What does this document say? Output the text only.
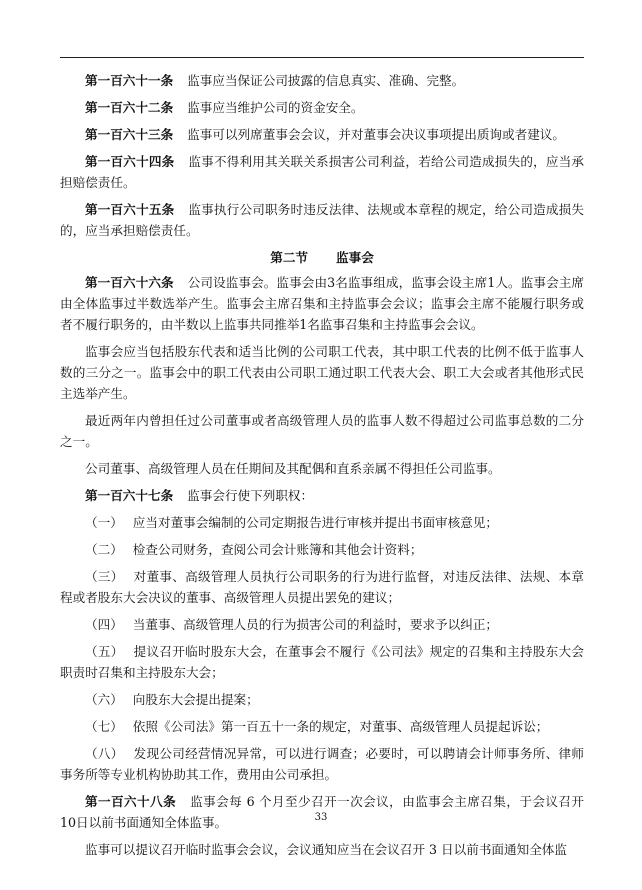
第一百六十一条 监事应当保证公司披露的信息真实、准确、完整。

第一百六十二条 监事应当维护公司的资金安全。

第一百六十三条 监事可以列席董事会会议，并对董事会决议事项提出质询或者建议。

第一百六十四条 监事不得利用其关联关系损害公司利益，若给公司造成损失的，应当承担赔偿责任。

第一百六十五条 监事执行公司职务时违反法律、法规或本章程的规定，给公司造成损失的，应当承担赔偿责任。

第二节 监事会

第一百六十六条 公司设监事会。监事会由3名监事组成，监事会设主席1人。监事会主席由全体监事过半数选举产生。监事会主席召集和主持监事会会议；监事会主席不能履行职务或者不履行职务的，由半数以上监事共同推举1名监事召集和主持监事会会议。

监事会应当包括股东代表和适当比例的公司职工代表，其中职工代表的比例不低于监事人数的三分之一。监事会中的职工代表由公司职工通过职工代表大会、职工大会或者其他形式民主选举产生。

最近两年内曾担任过公司董事或者高级管理人员的监事人数不得超过公司监事总数的二分之一。

公司董事、高级管理人员在任期间及其配偶和直系亲属不得担任公司监事。

第一百六十七条 监事会行使下列职权：

（一） 应当对董事会编制的公司定期报告进行审核并提出书面审核意见；

（二） 检查公司财务，查阅公司会计账簿和其他会计资料；

（三） 对董事、高级管理人员执行公司职务的行为进行监督，对违反法律、法规、本章程或者股东大会决议的董事、高级管理人员提出罢免的建议；

（四） 当董事、高级管理人员的行为损害公司的利益时，要求予以纠正；

（五） 提议召开临时股东大会，在董事会不履行《公司法》规定的召集和主持股东大会职责时召集和主持股东大会；

（六） 向股东大会提出提案；

（七） 依照《公司法》第一百五十一条的规定，对董事、高级管理人员提起诉讼；

（八） 发现公司经营情况异常，可以进行调查；必要时，可以聘请会计师事务所、律师事务所等专业机构协助其工作，费用由公司承担。

第一百六十八条 监事会每 6 个月至少召开一次会议，由监事会主席召集，于会议召开10日以前书面通知全体监事。

监事可以提议召开临时监事会会议，会议通知应当在会议召开 3 日以前书面通知全体监

33
